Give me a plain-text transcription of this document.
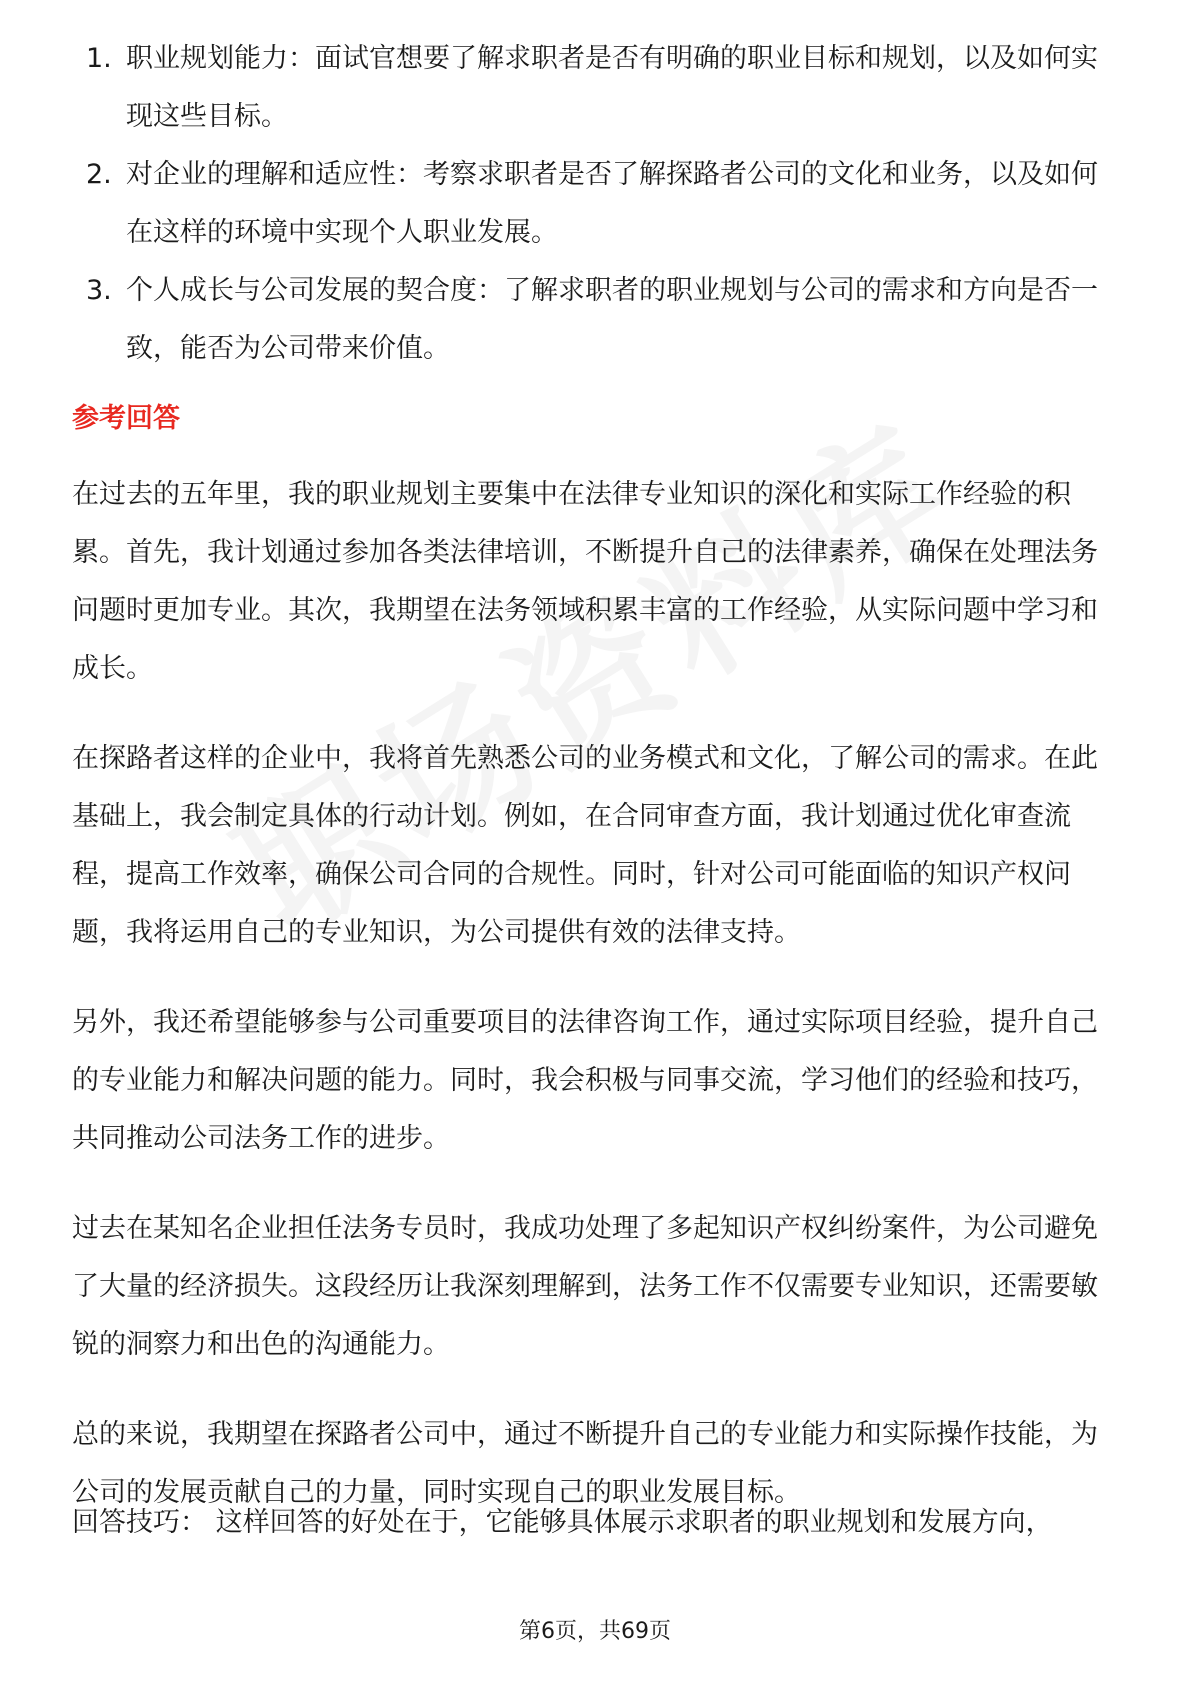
1. 职业规划能力：面试官想要了解求职者是否有明确的职业目标和规划，以及如何实现这些目标。
2. 对企业的理解和适应性：考察求职者是否了解探路者公司的文化和业务，以及如何在这样的环境中实现个人职业发展。
3. 个人成长与公司发展的契合度：了解求职者的职业规划与公司的需求和方向是否一致，能否为公司带来价值。
参考回答

在过去的五年里，我的职业规划主要集中在法律专业知识的深化和实际工作经验的积累。首先，我计划通过参加各类法律培训，不断提升自己的法律素养，确保在处理法务问题时更加专业。其次，我期望在法务领域积累丰富的工作经验，从实际问题中学习和成长。

在探路者这样的企业中，我将首先熟悉公司的业务模式和文化，了解公司的需求。在此基础上，我会制定具体的行动计划。例如，在合同审查方面，我计划通过优化审查流程，提高工作效率，确保公司合同的合规性。同时，针对公司可能面临的知识产权问题，我将运用自己的专业知识，为公司提供有效的法律支持。

另外，我还希望能够参与公司重要项目的法律咨询工作，通过实际项目经验，提升自己的专业能力和解决问题的能力。同时，我会积极与同事交流，学习他们的经验和技巧，共同推动公司法务工作的进步。

过去在某知名企业担任法务专员时，我成功处理了多起知识产权纠纷案件，为公司避免了大量的经济损失。这段经历让我深刻理解到，法务工作不仅需要专业知识，还需要敏锐的洞察力和出色的沟通能力。

总的来说，我期望在探路者公司中，通过不断提升自己的专业能力和实际操作技能，为公司的发展贡献自己的力量，同时实现自己的职业发展目标。

回答技巧： 这样回答的好处在于，它能够具体展示求职者的职业规划和发展方向，

第6页，共69页
